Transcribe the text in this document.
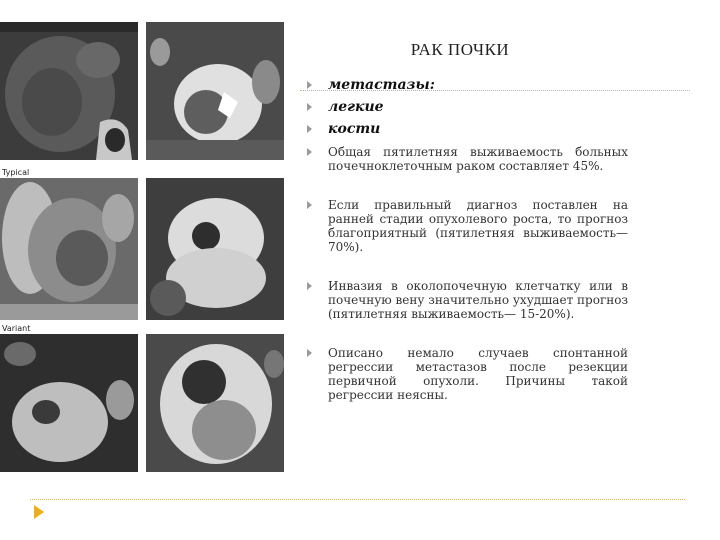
Typical
Variant
РАК ПОЧКИ
метастазы:
легкие
кости
Общая пятилетняя выживаемость больных почечноклеточным раком составляет 45%.
Если правильный диагноз поставлен на ранней стадии опухолевого роста, то прогноз благоприятный (пятилетняя выживаемость— 70%).
Инвазия в околопочечную клетчатку или в почечную вену значительно ухудшает прогноз (пятилетняя выживаемость— 15-20%).
Описано немало случаев спонтанной регрессии метастазов после резекции первичной опухоли. Причины такой регрессии неясны.
